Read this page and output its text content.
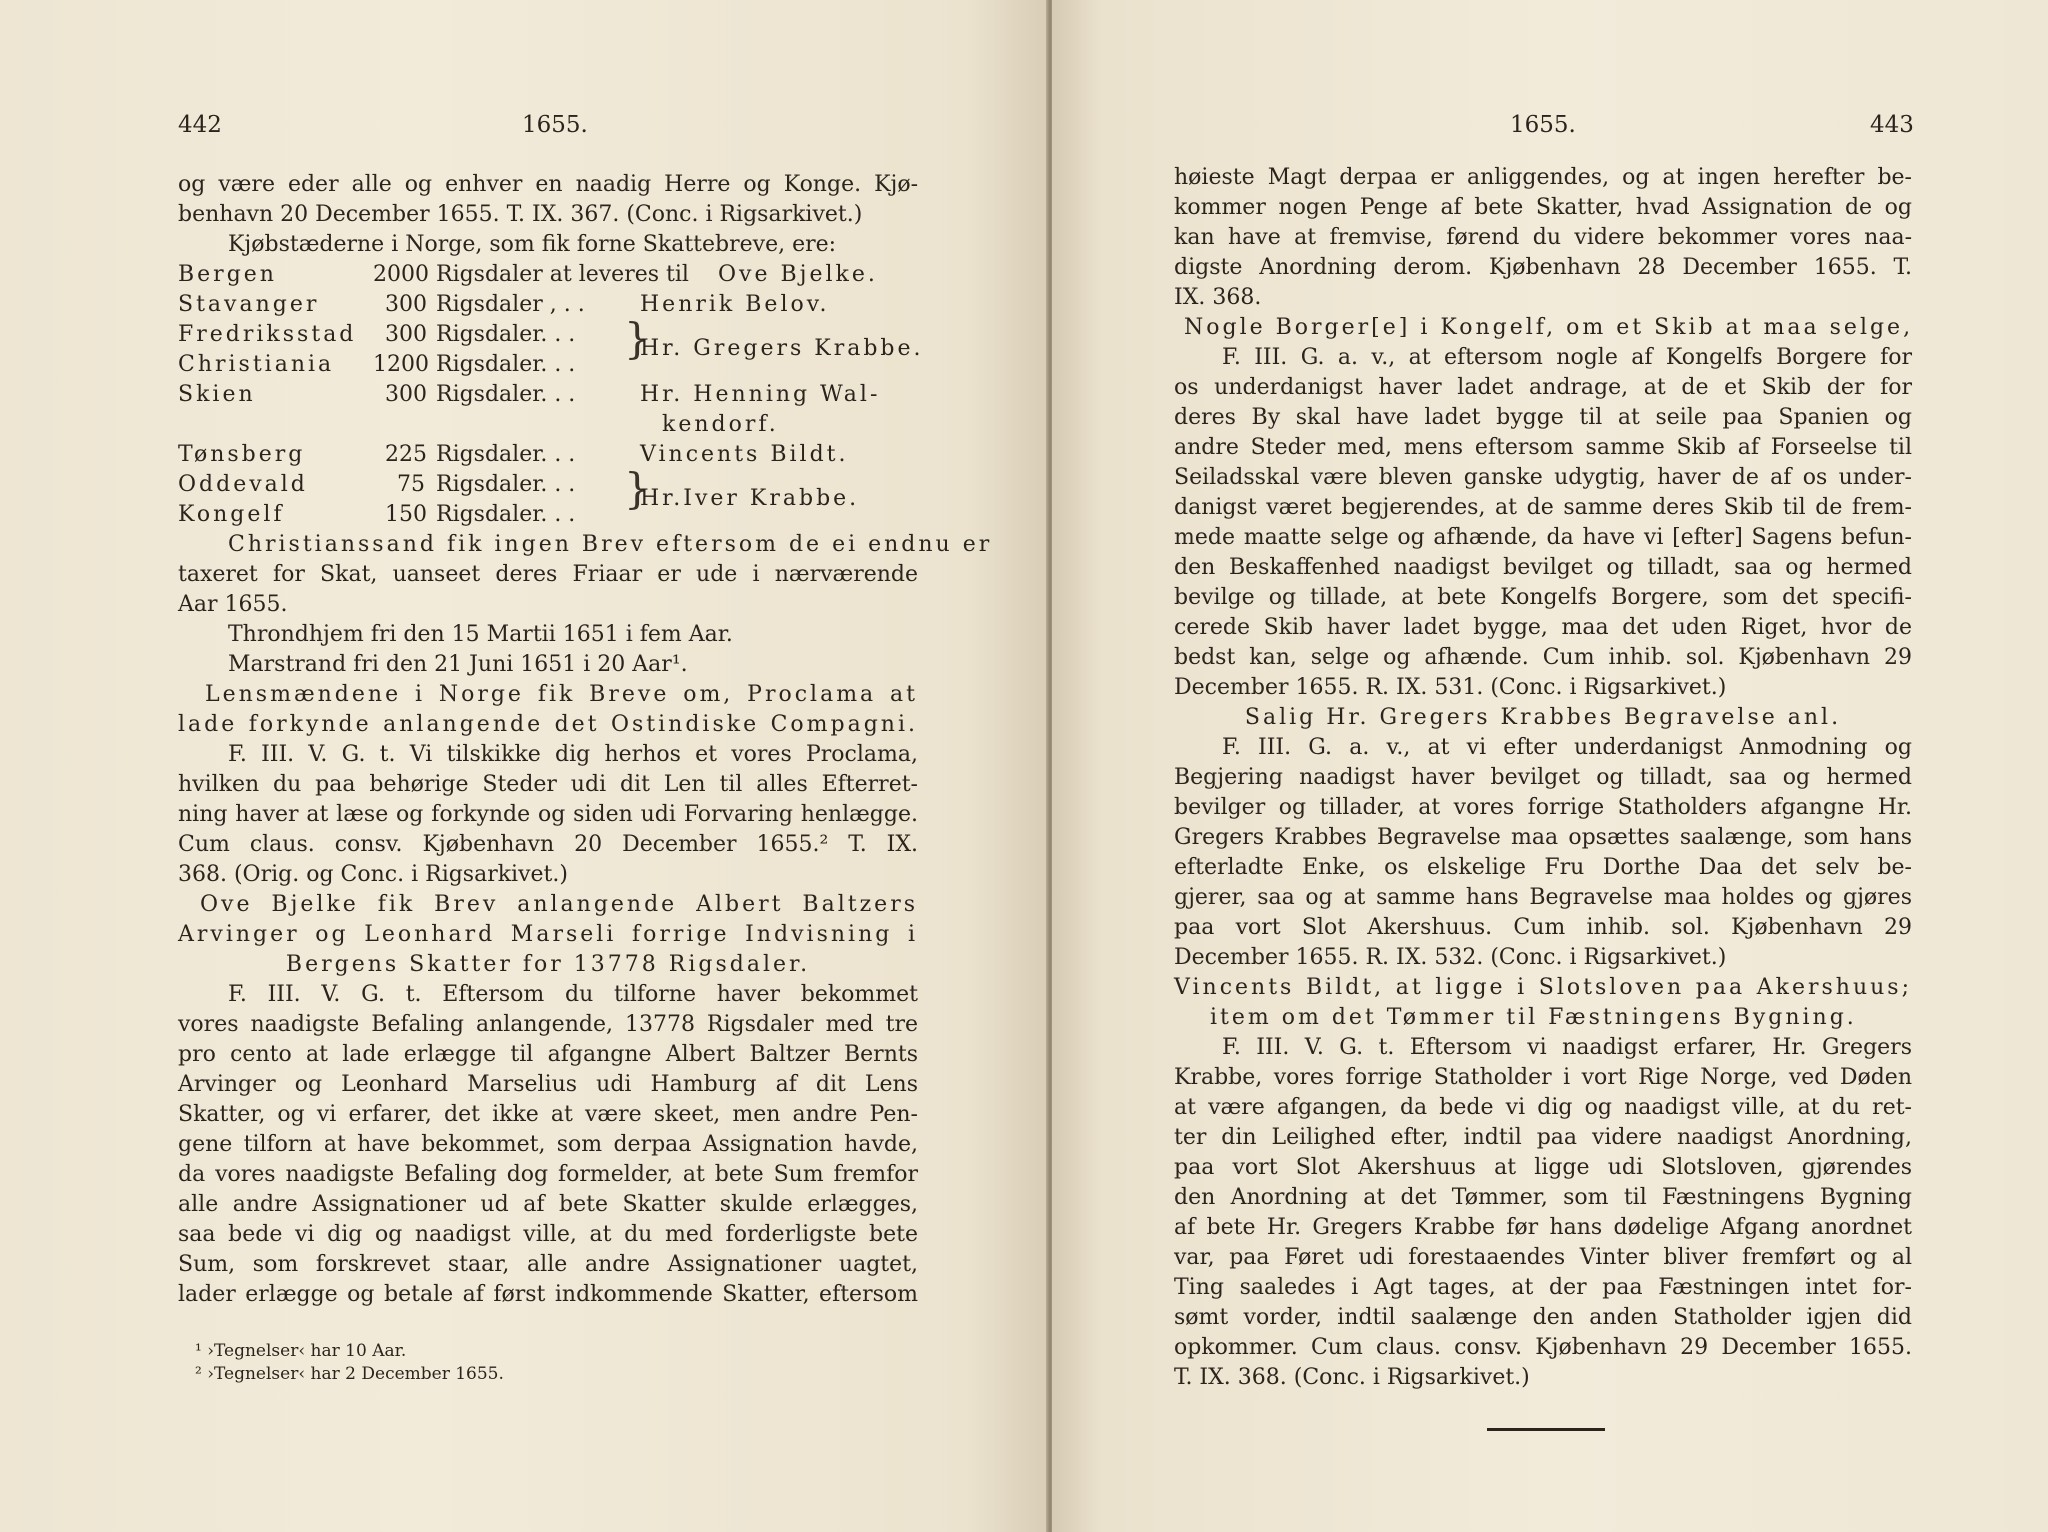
442	1655.
og være eder alle og enhver en naadig Herre og Konge. Kjø-
benhavn 20 December 1655. T. IX. 367. (Conc. i Rigsarkivet.)
Kjøbstæderne i Norge, som fik forne Skattebreve, ere:
Bergen	2000 Rigsdaler at leveres til Ove Bjelke.
Stavanger	300 Rigsdaler , . .	Henrik Belov.
Fredriksstad 300 Rigsdaler. . .
Christiania 1200 Rigsdaler. . .
}
Hr. Gregers Krabbe.
Skien	300 Rigsdaler. . .	Hr. Henning Wal-
kendorf.
Tønsberg	225 Rigsdaler. . .	Vincents Bildt.
Oddevald	75 Rigsdaler. . .
Kongelf	150 Rigsdaler. . .
}
Hr.Iver Krabbe.
Christianssand fik ingen Brev eftersom de ei endnu er
taxeret for Skat, uanseet deres Friaar er ude i nærværende
Aar 1655.
Throndhjem fri den 15 Martii 1651 i fem Aar.
Marstrand fri den 21 Juni 1651 i 20 Aar¹.
Lensmændene i Norge fik Breve om, Proclama at
lade forkynde anlangende det Ostindiske Compagni.
F. III. V. G. t. Vi tilskikke dig herhos et vores Proclama,
hvilken du paa behørige Steder udi dit Len til alles Efterret-
ning haver at læse og forkynde og siden udi Forvaring henlægge.
Cum claus. consv. Kjøbenhavn 20 December 1655.² T. IX.
368. (Orig. og Conc. i Rigsarkivet.)
Ove Bjelke fik Brev anlangende Albert Baltzers
Arvinger og Leonhard Marseli forrige Indvisning i
Bergens Skatter for 13778 Rigsdaler.
F. III. V. G. t. Eftersom du tilforne haver bekommet
vores naadigste Befaling anlangende, 13778 Rigsdaler med tre
pro cento at lade erlægge til afgangne Albert Baltzer Bernts
Arvinger og Leonhard Marselius udi Hamburg af dit Lens
Skatter, og vi erfarer, det ikke at være skeet, men andre Pen-
gene tilforn at have bekommet, som derpaa Assignation havde,
da vores naadigste Befaling dog formelder, at bete Sum fremfor
alle andre Assignationer ud af bete Skatter skulde erlægges,
saa bede vi dig og naadigst ville, at du med forderligste bete
Sum, som forskrevet staar, alle andre Assignationer uagtet,
lader erlægge og betale af først indkommende Skatter, eftersom
¹ ›Tegnelser‹ har 10 Aar.
² ›Tegnelser‹ har 2 December 1655.
1655.	443
høieste Magt derpaa er anliggendes, og at ingen herefter be-
kommer nogen Penge af bete Skatter, hvad Assignation de og
kan have at fremvise, førend du videre bekommer vores naa-
digste Anordning derom. Kjøbenhavn 28 December 1655. T.
IX. 368.
Nogle Borger[e] i Kongelf, om et Skib at maa selge,
F. III. G. a. v., at eftersom nogle af Kongelfs Borgere for
os underdanigst haver ladet andrage, at de et Skib der for
deres By skal have ladet bygge til at seile paa Spanien og
andre Steder med, mens eftersom samme Skib af Forseelse til
Seiladsskal være bleven ganske udygtig, haver de af os under-
danigst været begjerendes, at de samme deres Skib til de frem-
mede maatte selge og afhænde, da have vi [efter] Sagens befun-
den Beskaffenhed naadigst bevilget og tilladt, saa og hermed
bevilge og tillade, at bete Kongelfs Borgere, som det specifi-
cerede Skib haver ladet bygge, maa det uden Riget, hvor de
bedst kan, selge og afhænde. Cum inhib. sol. Kjøbenhavn 29
December 1655. R. IX. 531. (Conc. i Rigsarkivet.)
Salig Hr. Gregers Krabbes Begravelse anl.
F. III. G. a. v., at vi efter underdanigst Anmodning og
Begjering naadigst haver bevilget og tilladt, saa og hermed
bevilger og tillader, at vores forrige Statholders afgangne Hr.
Gregers Krabbes Begravelse maa opsættes saalænge, som hans
efterladte Enke, os elskelige Fru Dorthe Daa det selv be-
gjerer, saa og at samme hans Begravelse maa holdes og gjøres
paa vort Slot Akershuus. Cum inhib. sol. Kjøbenhavn 29
December 1655. R. IX. 532. (Conc. i Rigsarkivet.)
Vincents Bildt, at ligge i Slotsloven paa Akershuus;
item om det Tømmer til Fæstningens Bygning.
F. III. V. G. t. Eftersom vi naadigst erfarer, Hr. Gregers
Krabbe, vores forrige Statholder i vort Rige Norge, ved Døden
at være afgangen, da bede vi dig og naadigst ville, at du ret-
ter din Leilighed efter, indtil paa videre naadigst Anordning,
paa vort Slot Akershuus at ligge udi Slotsloven, gjørendes
den Anordning at det Tømmer, som til Fæstningens Bygning
af bete Hr. Gregers Krabbe før hans dødelige Afgang anordnet
var, paa Føret udi forestaaendes Vinter bliver fremført og al
Ting saaledes i Agt tages, at der paa Fæstningen intet for-
sømt vorder, indtil saalænge den anden Statholder igjen did
opkommer. Cum claus. consv. Kjøbenhavn 29 December 1655.
T. IX. 368. (Conc. i Rigsarkivet.)
